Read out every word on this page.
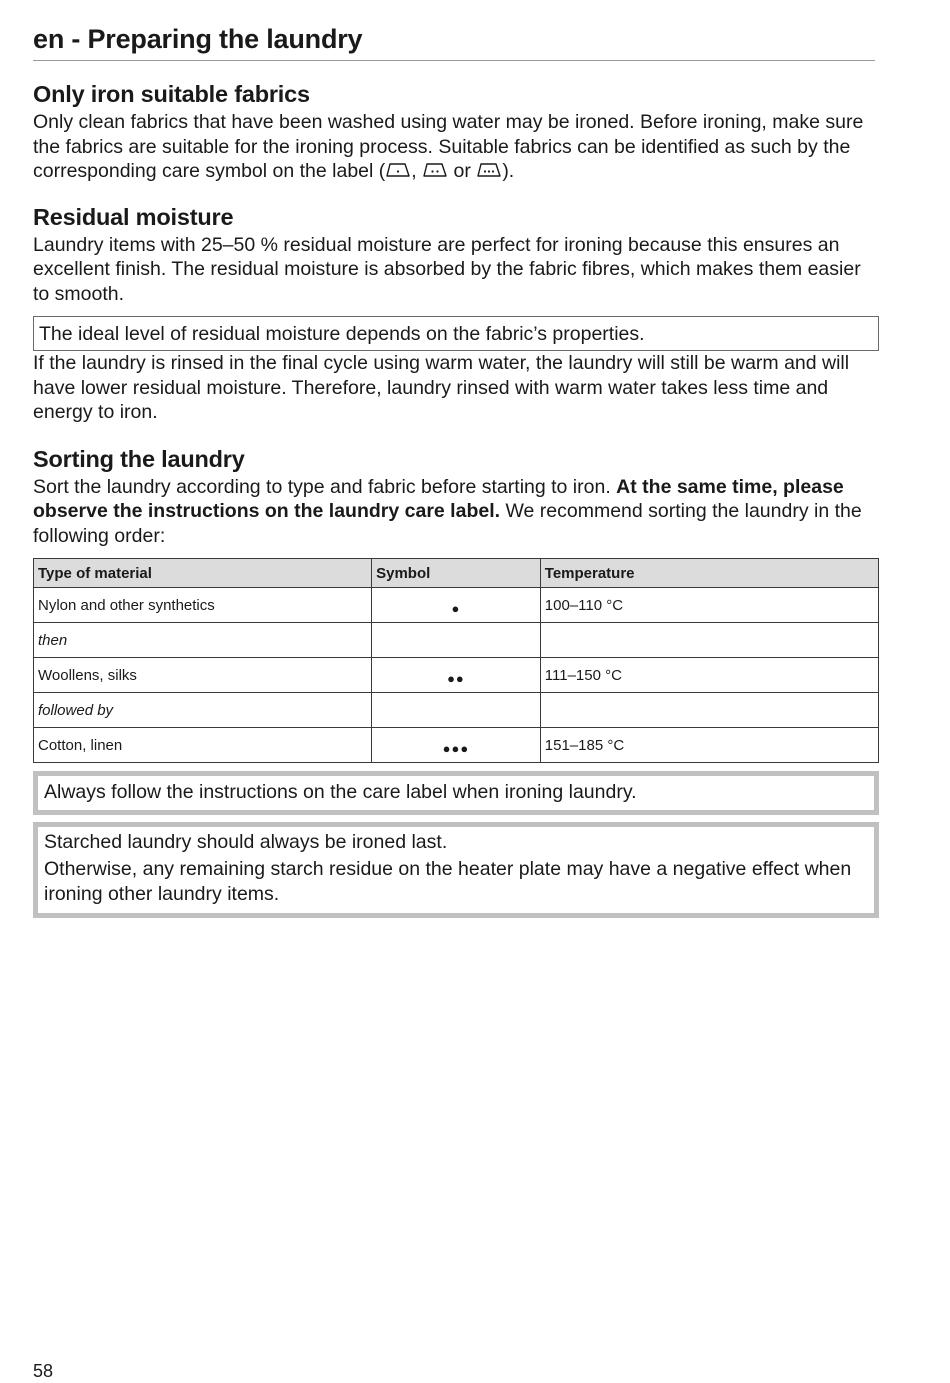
en - Preparing the laundry
Only iron suitable fabrics

Only clean fabrics that have been washed using water may be ironed. Before ironing, make sure the fabrics are suitable for the ironing process. Suitable fabrics can be identified as such by the corresponding care symbol on the label ( ,  or ).

Residual moisture

Laundry items with 25–50 % residual moisture are perfect for ironing because this ensures an excellent finish. The residual moisture is absorbed by the fabric fibres, which makes them easier to smooth.

The ideal level of residual moisture depends on the fabric’s properties.

If the laundry is rinsed in the final cycle using warm water, the laundry will still be warm and will have lower residual moisture. Therefore, laundry rinsed with warm water takes less time and energy to iron.

Sorting the laundry

Sort the laundry according to type and fabric before starting to iron. At the same time, please observe the instructions on the laundry care label. We recommend sorting the laundry in the following order:

Type of material	Symbol	Temperature
Nylon and other synthetics	●	100–110 °C
then		
Woollens, silks	●●	111–150 °C
followed by		
Cotton, linen	●●●	151–185 °C

Always follow the instructions on the care label when ironing laundry.

Starched laundry should always be ironed last.

Otherwise, any remaining starch residue on the heater plate may have a negative effect when ironing other laundry items.

58
